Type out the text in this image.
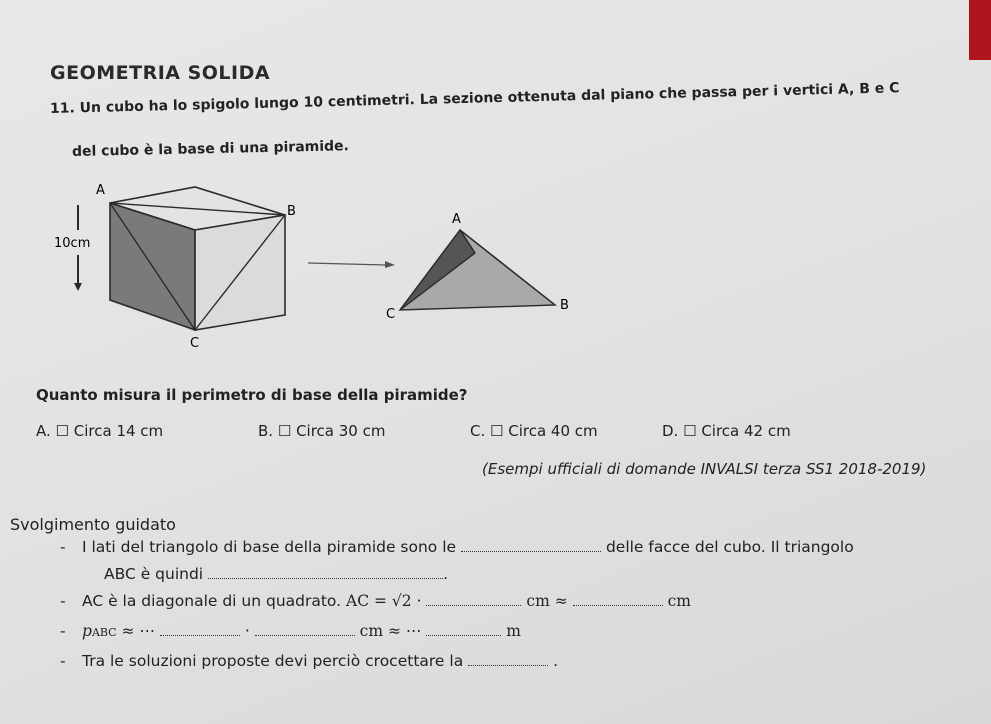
GEOMETRIA SOLIDA
11. Un cubo ha lo spigolo lungo 10 centimetri. La sezione ottenuta dal piano che passa per i vertici A, B e C
del cubo è la base di una piramide.
A
B
C
10cm
A
B
C
Quanto misura il perimetro di base della piramide?
A. ☐ Circa 14 cm	B. ☐ Circa 30 cm	C. ☐ Circa 40 cm	D. ☐ Circa 42 cm
(Esempi ufficiali di domande INVALSI terza SS1 2018-2019)
Svolgimento guidato
- I lati del triangolo di base della piramide sono le	delle facce del cubo. Il triangolo
ABC è quindi	.
- AC è la diagonale di un quadrato. AC = √2 ·	cm ≈	cm
- pABC ≈ ⋯	·	cm ≈ ⋯	m
- Tra le soluzioni proposte devi perciò crocettare la	.
